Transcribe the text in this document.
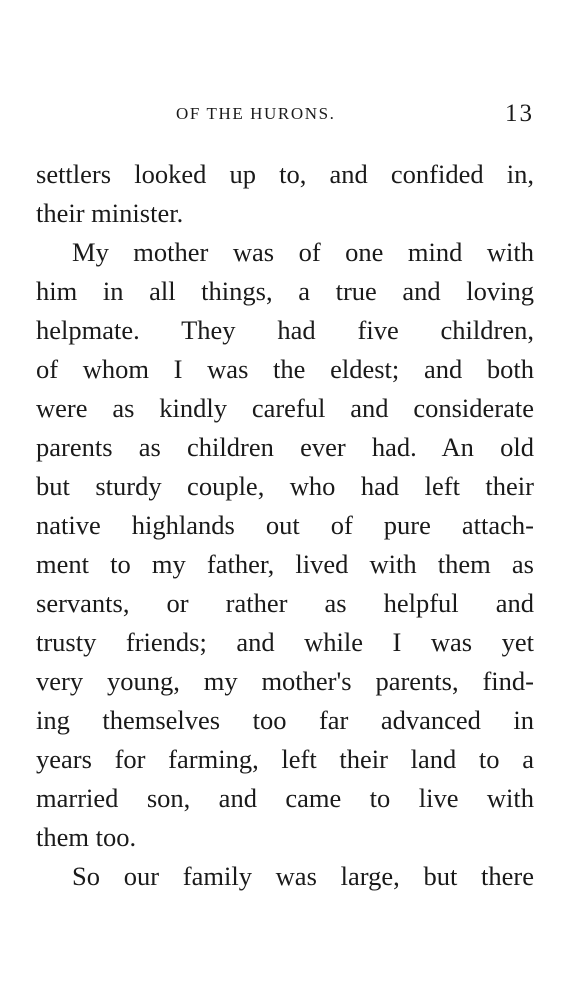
OF THE HURONS.	13
settlers looked up to, and confided in,
their minister.
My mother was of one mind with
him in all things, a true and loving
helpmate. They had five children,
of whom I was the eldest; and both
were as kindly careful and considerate
parents as children ever had. An old
but sturdy couple, who had left their
native highlands out of pure attach-
ment to my father, lived with them as
servants, or rather as helpful and
trusty friends; and while I was yet
very young, my mother's parents, find-
ing themselves too far advanced in
years for farming, left their land to a
married son, and came to live with
them too.
So our family was large, but there
